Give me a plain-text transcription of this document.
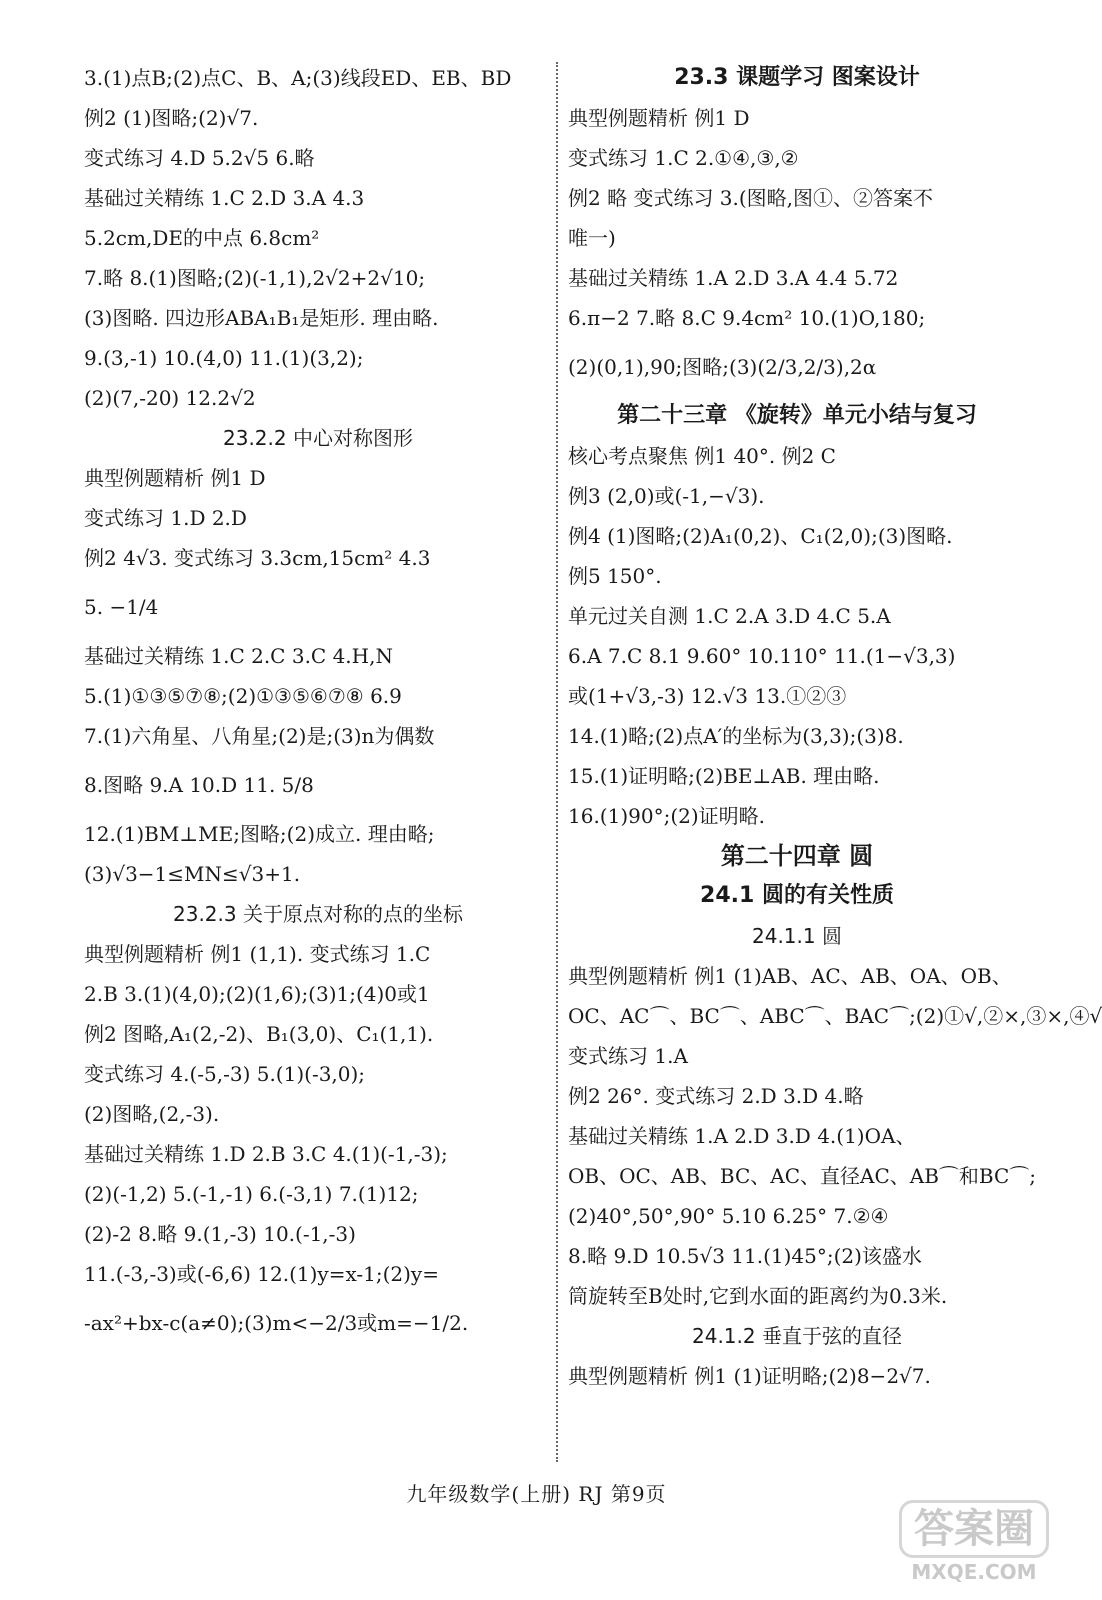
3.(1)点B;(2)点C、B、A;(3)线段ED、EB、BD
例2 (1)图略;(2)√7.
变式练习 4.D 5.2√5 6.略
基础过关精练 1.C 2.D 3.A 4.3
5.2cm,DE的中点 6.8cm²
7.略 8.(1)图略;(2)(-1,1),2√2+2√10;
(3)图略. 四边形ABA₁B₁是矩形. 理由略.
9.(3,-1) 10.(4,0) 11.(1)(3,2);
(2)(7,-20) 12.2√2
23.2.2 中心对称图形
典型例题精析 例1 D
变式练习 1.D 2.D
例2 4√3. 变式练习 3.3cm,15cm² 4.3
5. −1/4
基础过关精练 1.C 2.C 3.C 4.H,N
5.(1)①③⑤⑦⑧;(2)①③⑤⑥⑦⑧ 6.9
7.(1)六角星、八角星;(2)是;(3)n为偶数
8.图略 9.A 10.D 11. 5/8
12.(1)BM⊥ME;图略;(2)成立. 理由略;
(3)√3−1≤MN≤√3+1.
23.2.3 关于原点对称的点的坐标
典型例题精析 例1 (1,1). 变式练习 1.C
2.B 3.(1)(4,0);(2)(1,6);(3)1;(4)0或1
例2 图略,A₁(2,-2)、B₁(3,0)、C₁(1,1).
变式练习 4.(-5,-3) 5.(1)(-3,0);
(2)图略,(2,-3).
基础过关精练 1.D 2.B 3.C 4.(1)(-1,-3);
(2)(-1,2) 5.(-1,-1) 6.(-3,1) 7.(1)12;
(2)-2 8.略 9.(1,-3) 10.(-1,-3)
11.(-3,-3)或(-6,6) 12.(1)y=x-1;(2)y=
-ax²+bx-c(a≠0);(3)m<−2/3或m=−1/2.
23.3 课题学习 图案设计
典型例题精析 例1 D
变式练习 1.C 2.①④,③,②
例2 略 变式练习 3.(图略,图①、②答案不
唯一)
基础过关精练 1.A 2.D 3.A 4.4 5.72
6.π−2 7.略 8.C 9.4cm² 10.(1)O,180;
(2)(0,1),90;图略;(3)(2/3,2/3),2α
第二十三章 《旋转》单元小结与复习
核心考点聚焦 例1 40°. 例2 C
例3 (2,0)或(-1,−√3).
例4 (1)图略;(2)A₁(0,2)、C₁(2,0);(3)图略.
例5 150°.
单元过关自测 1.C 2.A 3.D 4.C 5.A
6.A 7.C 8.1 9.60° 10.110° 11.(1−√3,3)
或(1+√3,-3) 12.√3 13.①②③
14.(1)略;(2)点A′的坐标为(3,3);(3)8.
15.(1)证明略;(2)BE⊥AB. 理由略.
16.(1)90°;(2)证明略.
第二十四章 圆
24.1 圆的有关性质
24.1.1 圆
典型例题精析 例1 (1)AB、AC、AB、OA、OB、
OC、AC⌒、BC⌒、ABC⌒、BAC⌒;(2)①√,②×,③×,④√
变式练习 1.A
例2 26°. 变式练习 2.D 3.D 4.略
基础过关精练 1.A 2.D 3.D 4.(1)OA、
OB、OC、AB、BC、AC、直径AC、AB⌒和BC⌒;
(2)40°,50°,90° 5.10 6.25° 7.②④
8.略 9.D 10.5√3 11.(1)45°;(2)该盛水
筒旋转至B处时,它到水面的距离约为0.3米.
24.1.2 垂直于弦的直径
典型例题精析 例1 (1)证明略;(2)8−2√7.
九年级数学(上册) RJ 第9页
答案圈
MXQE.COM
